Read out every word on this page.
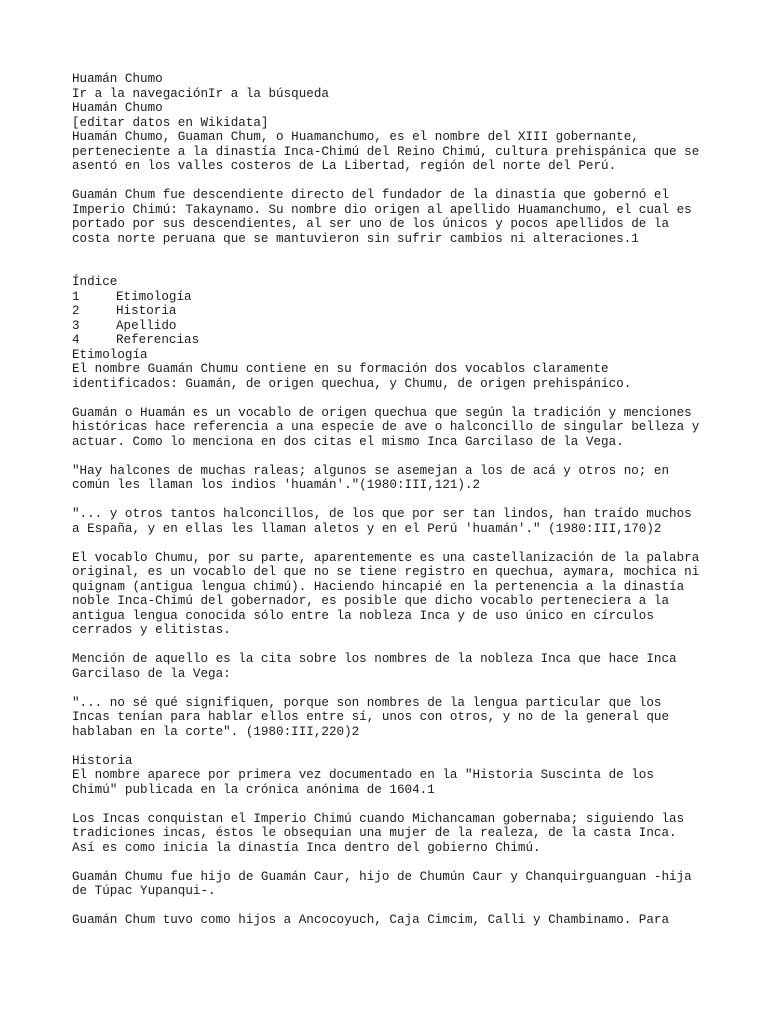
Huamán Chumo
Ir a la navegaciónIr a la búsqueda
Huamán Chumo
[editar datos en Wikidata]
Huamán Chumo, Guaman Chum, o Huamanchumo, es el nombre del XIII gobernante,
perteneciente a la dinastía Inca-Chimú del Reino Chimú, cultura prehispánica que se
asentó en los valles costeros de La Libertad, región del norte del Perú.
Guamán Chum fue descendiente directo del fundador de la dinastía que gobernó el
Imperio Chimú: Takaynamo. Su nombre dio origen al apellido Huamanchumo, el cual es
portado por sus descendientes, al ser uno de los únicos y pocos apellidos de la
costa norte peruana que se mantuvieron sin sufrir cambios ni alteraciones.1
Índice
1	Etimología
2	Historia
3	Apellido
4	Referencias
Etimología
El nombre Guamán Chumu contiene en su formación dos vocablos claramente
identificados: Guamán, de origen quechua, y Chumu, de origen prehispánico.
Guamán o Huamán es un vocablo de origen quechua que según la tradición y menciones
históricas hace referencia a una especie de ave o halconcillo de singular belleza y
actuar. Como lo menciona en dos citas el mismo Inca Garcilaso de la Vega.
"Hay halcones de muchas raleas; algunos se asemejan a los de acá y otros no; en
común les llaman los indios 'huamán'."(1980:III,121).2
"... y otros tantos halconcillos, de los que por ser tan lindos, han traído muchos
a España, y en ellas les llaman aletos y en el Perú 'huamán'." (1980:III,170)2
El vocablo Chumu, por su parte, aparentemente es una castellanización de la palabra
original, es un vocablo del que no se tiene registro en quechua, aymara, mochica ni
quignam (antigua lengua chimú). Haciendo hincapié en la pertenencia a la dinastía
noble Inca-Chimú del gobernador, es posible que dicho vocablo perteneciera a la
antigua lengua conocida sólo entre la nobleza Inca y de uso único en círculos
cerrados y elitistas.
Mención de aquello es la cita sobre los nombres de la nobleza Inca que hace Inca
Garcilaso de la Vega:
"... no sé qué signifiquen, porque son nombres de la lengua particular que los
Incas tenían para hablar ellos entre sí, unos con otros, y no de la general que
hablaban en la corte". (1980:III,220)2
Historia
El nombre aparece por primera vez documentado en la "Historia Suscinta de los
Chimú" publicada en la crónica anónima de 1604.1
Los Incas conquistan el Imperio Chimú cuando Michancaman gobernaba; siguiendo las
tradiciones incas, éstos le obsequian una mujer de la realeza, de la casta Inca.
Así es como inicia la dinastía Inca dentro del gobierno Chimú.
Guamán Chumu fue hijo de Guamán Caur, hijo de Chumún Caur y Chanquirguanguan -hija
de Túpac Yupanqui-.
Guamán Chum tuvo como hijos a Ancocoyuch, Caja Cimcim, Calli y Chambinamo. Para
